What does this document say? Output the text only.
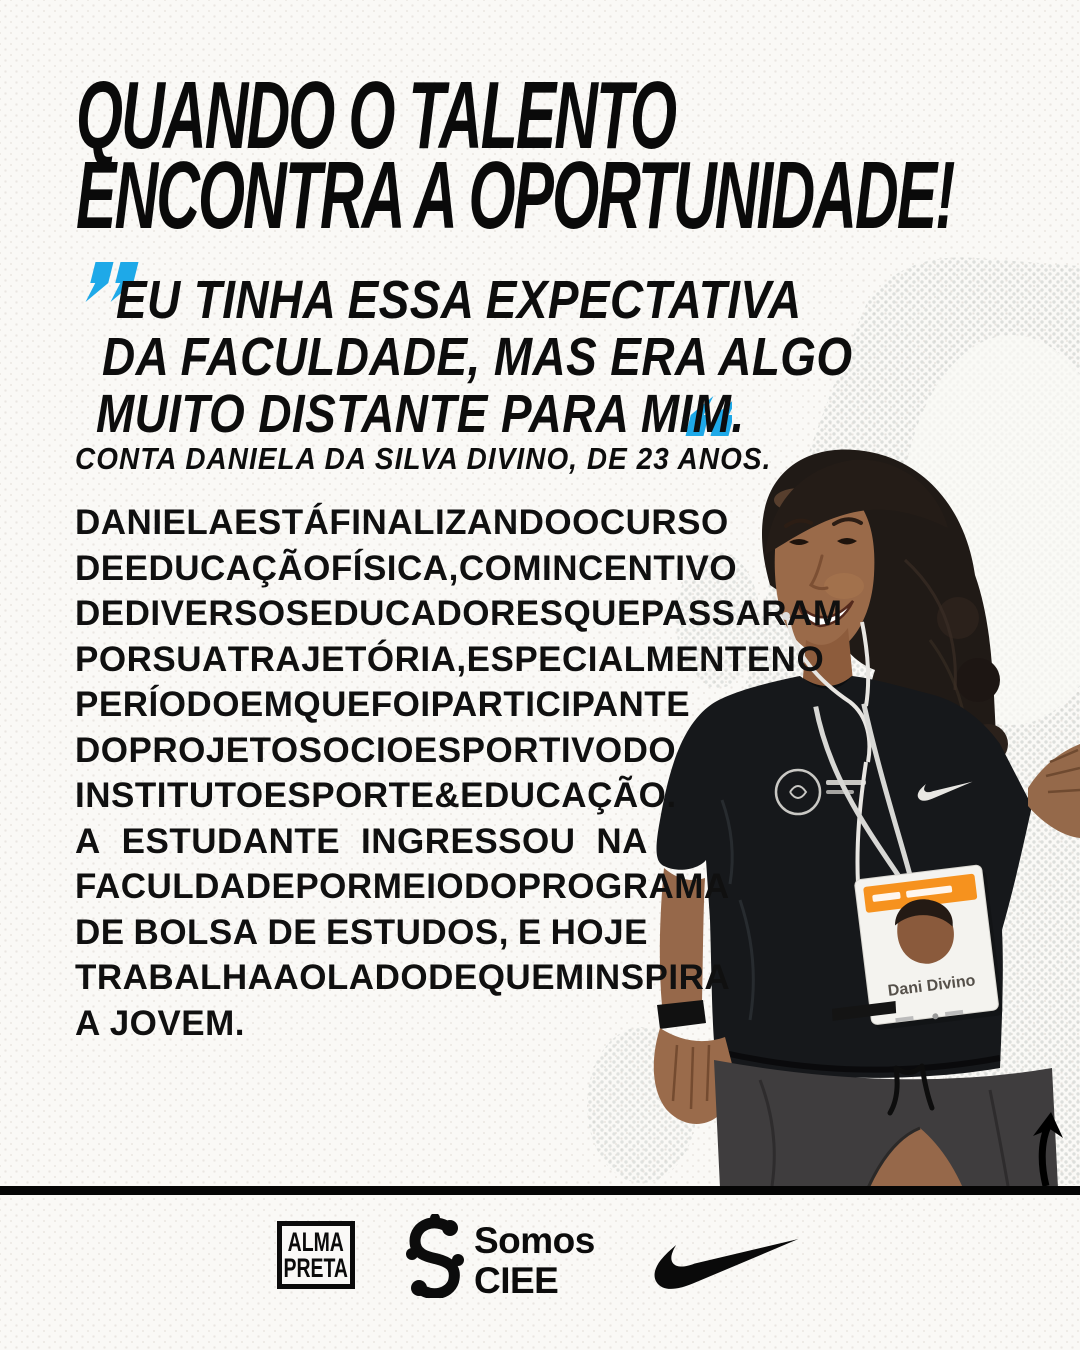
Dani Divino
QUANDO O TALENTO
ENCONTRA A OPORTUNIDADE!
EU TINHA ESSA EXPECTATIVA
DA FACULDADE, MAS ERA ALGO
MUITO DISTANTE PARA MIM.
CONTA DANIELA DA SILVA DIVINO, DE 23 ANOS.
DANIELA ESTÁ FINALIZANDO O CURSO
DE EDUCAÇÃO FÍSICA, COM INCENTIVO
DE DIVERSOS EDUCADORES QUE PASSARAM
POR SUA TRAJETÓRIA, ESPECIALMENTE NO
PERÍODO EM QUE FOI PARTICIPANTE
DO PROJETO SOCIOESPORTIVO DO
INSTITUTO ESPORTE & EDUCAÇÃO.
A ESTUDANTE INGRESSOU NA
FACULDADE POR MEIO DO PROGRAMA
DE BOLSA DE ESTUDOS, E HOJE
TRABALHA AO LADO DE QUEM INSPIRA
A JOVEM.
ALMA
PRETA
Somos
CIEE
